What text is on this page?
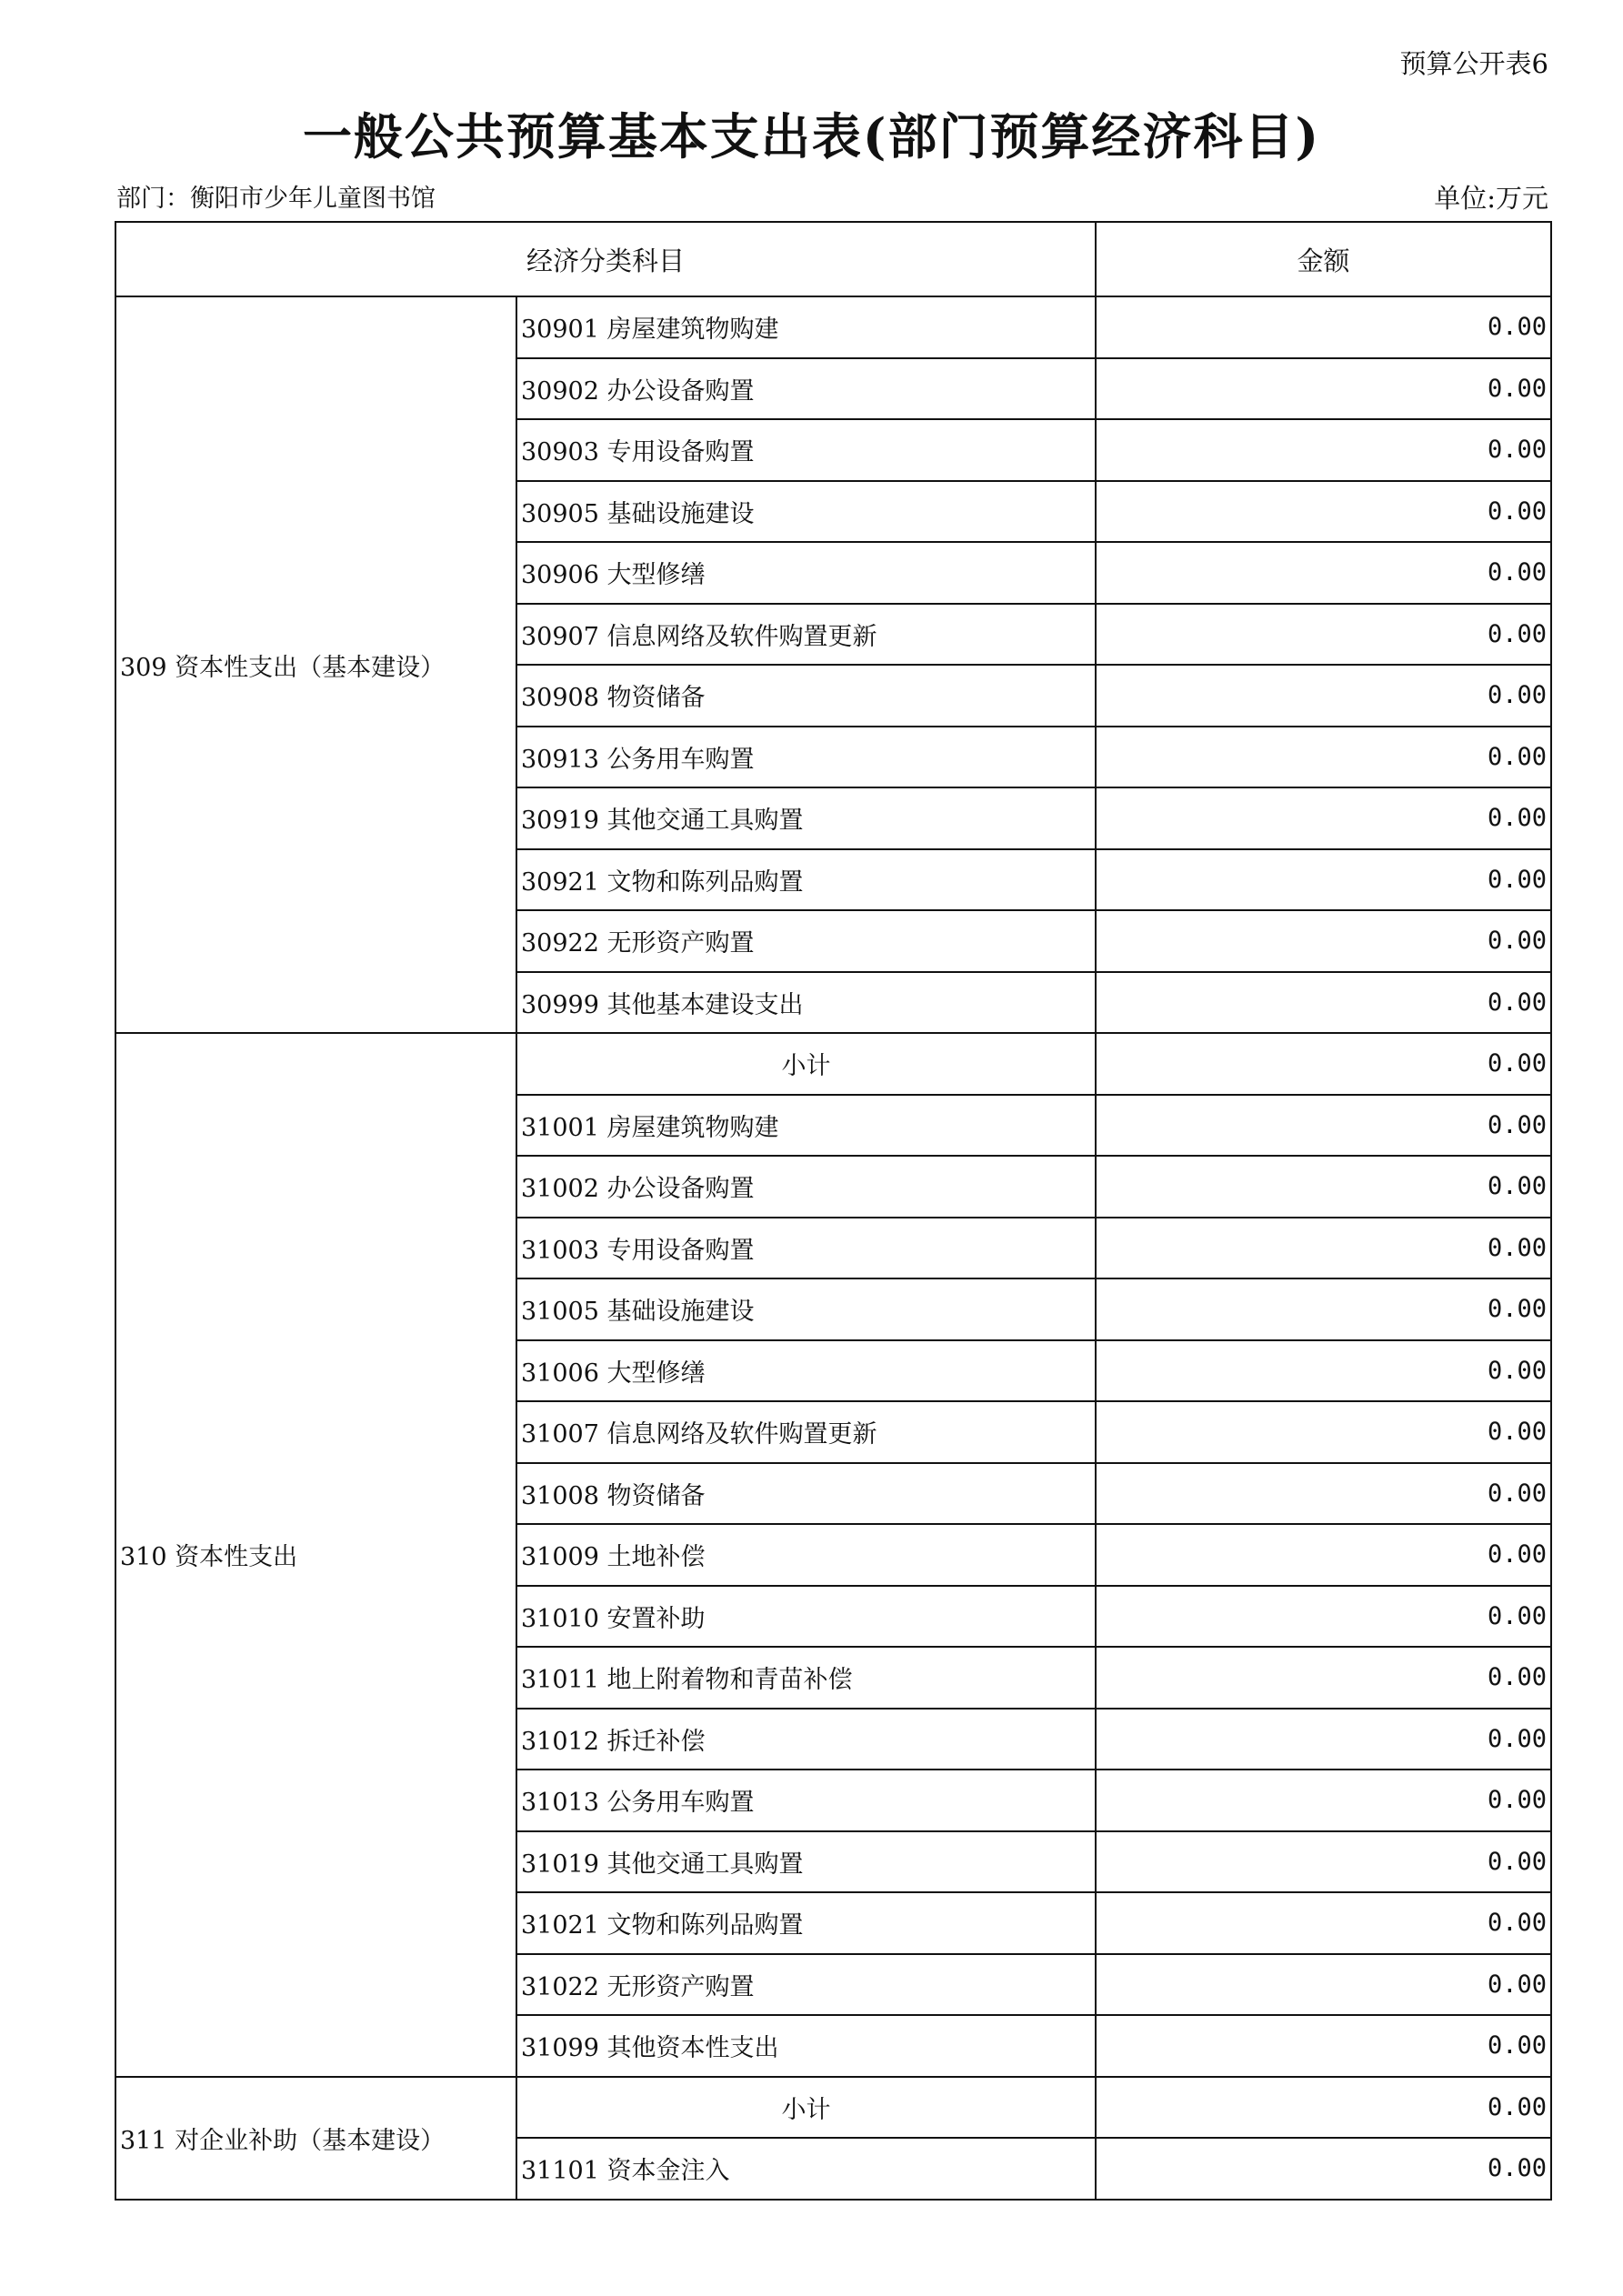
预算公开表6
一般公共预算基本支出表(部门预算经济科目)
部门：衡阳市少年儿童图书馆	单位:万元
经济分类科目		金额
309 资本性支出（基本建设）	30901 房屋建筑物购建	0.00
	30902 办公设备购置	0.00
	30903 专用设备购置	0.00
	30905 基础设施建设	0.00
	30906 大型修缮	0.00
	30907 信息网络及软件购置更新	0.00
	30908 物资储备	0.00
	30913 公务用车购置	0.00
	30919 其他交通工具购置	0.00
	30921 文物和陈列品购置	0.00
	30922 无形资产购置	0.00
	30999 其他基本建设支出	0.00
310 资本性支出	小计	0.00
	31001 房屋建筑物购建	0.00
	31002 办公设备购置	0.00
	31003 专用设备购置	0.00
	31005 基础设施建设	0.00
	31006 大型修缮	0.00
	31007 信息网络及软件购置更新	0.00
	31008 物资储备	0.00
	31009 土地补偿	0.00
	31010 安置补助	0.00
	31011 地上附着物和青苗补偿	0.00
	31012 拆迁补偿	0.00
	31013 公务用车购置	0.00
	31019 其他交通工具购置	0.00
	31021 文物和陈列品购置	0.00
	31022 无形资产购置	0.00
	31099 其他资本性支出	0.00
311 对企业补助（基本建设）	小计	0.00
	31101 资本金注入	0.00
